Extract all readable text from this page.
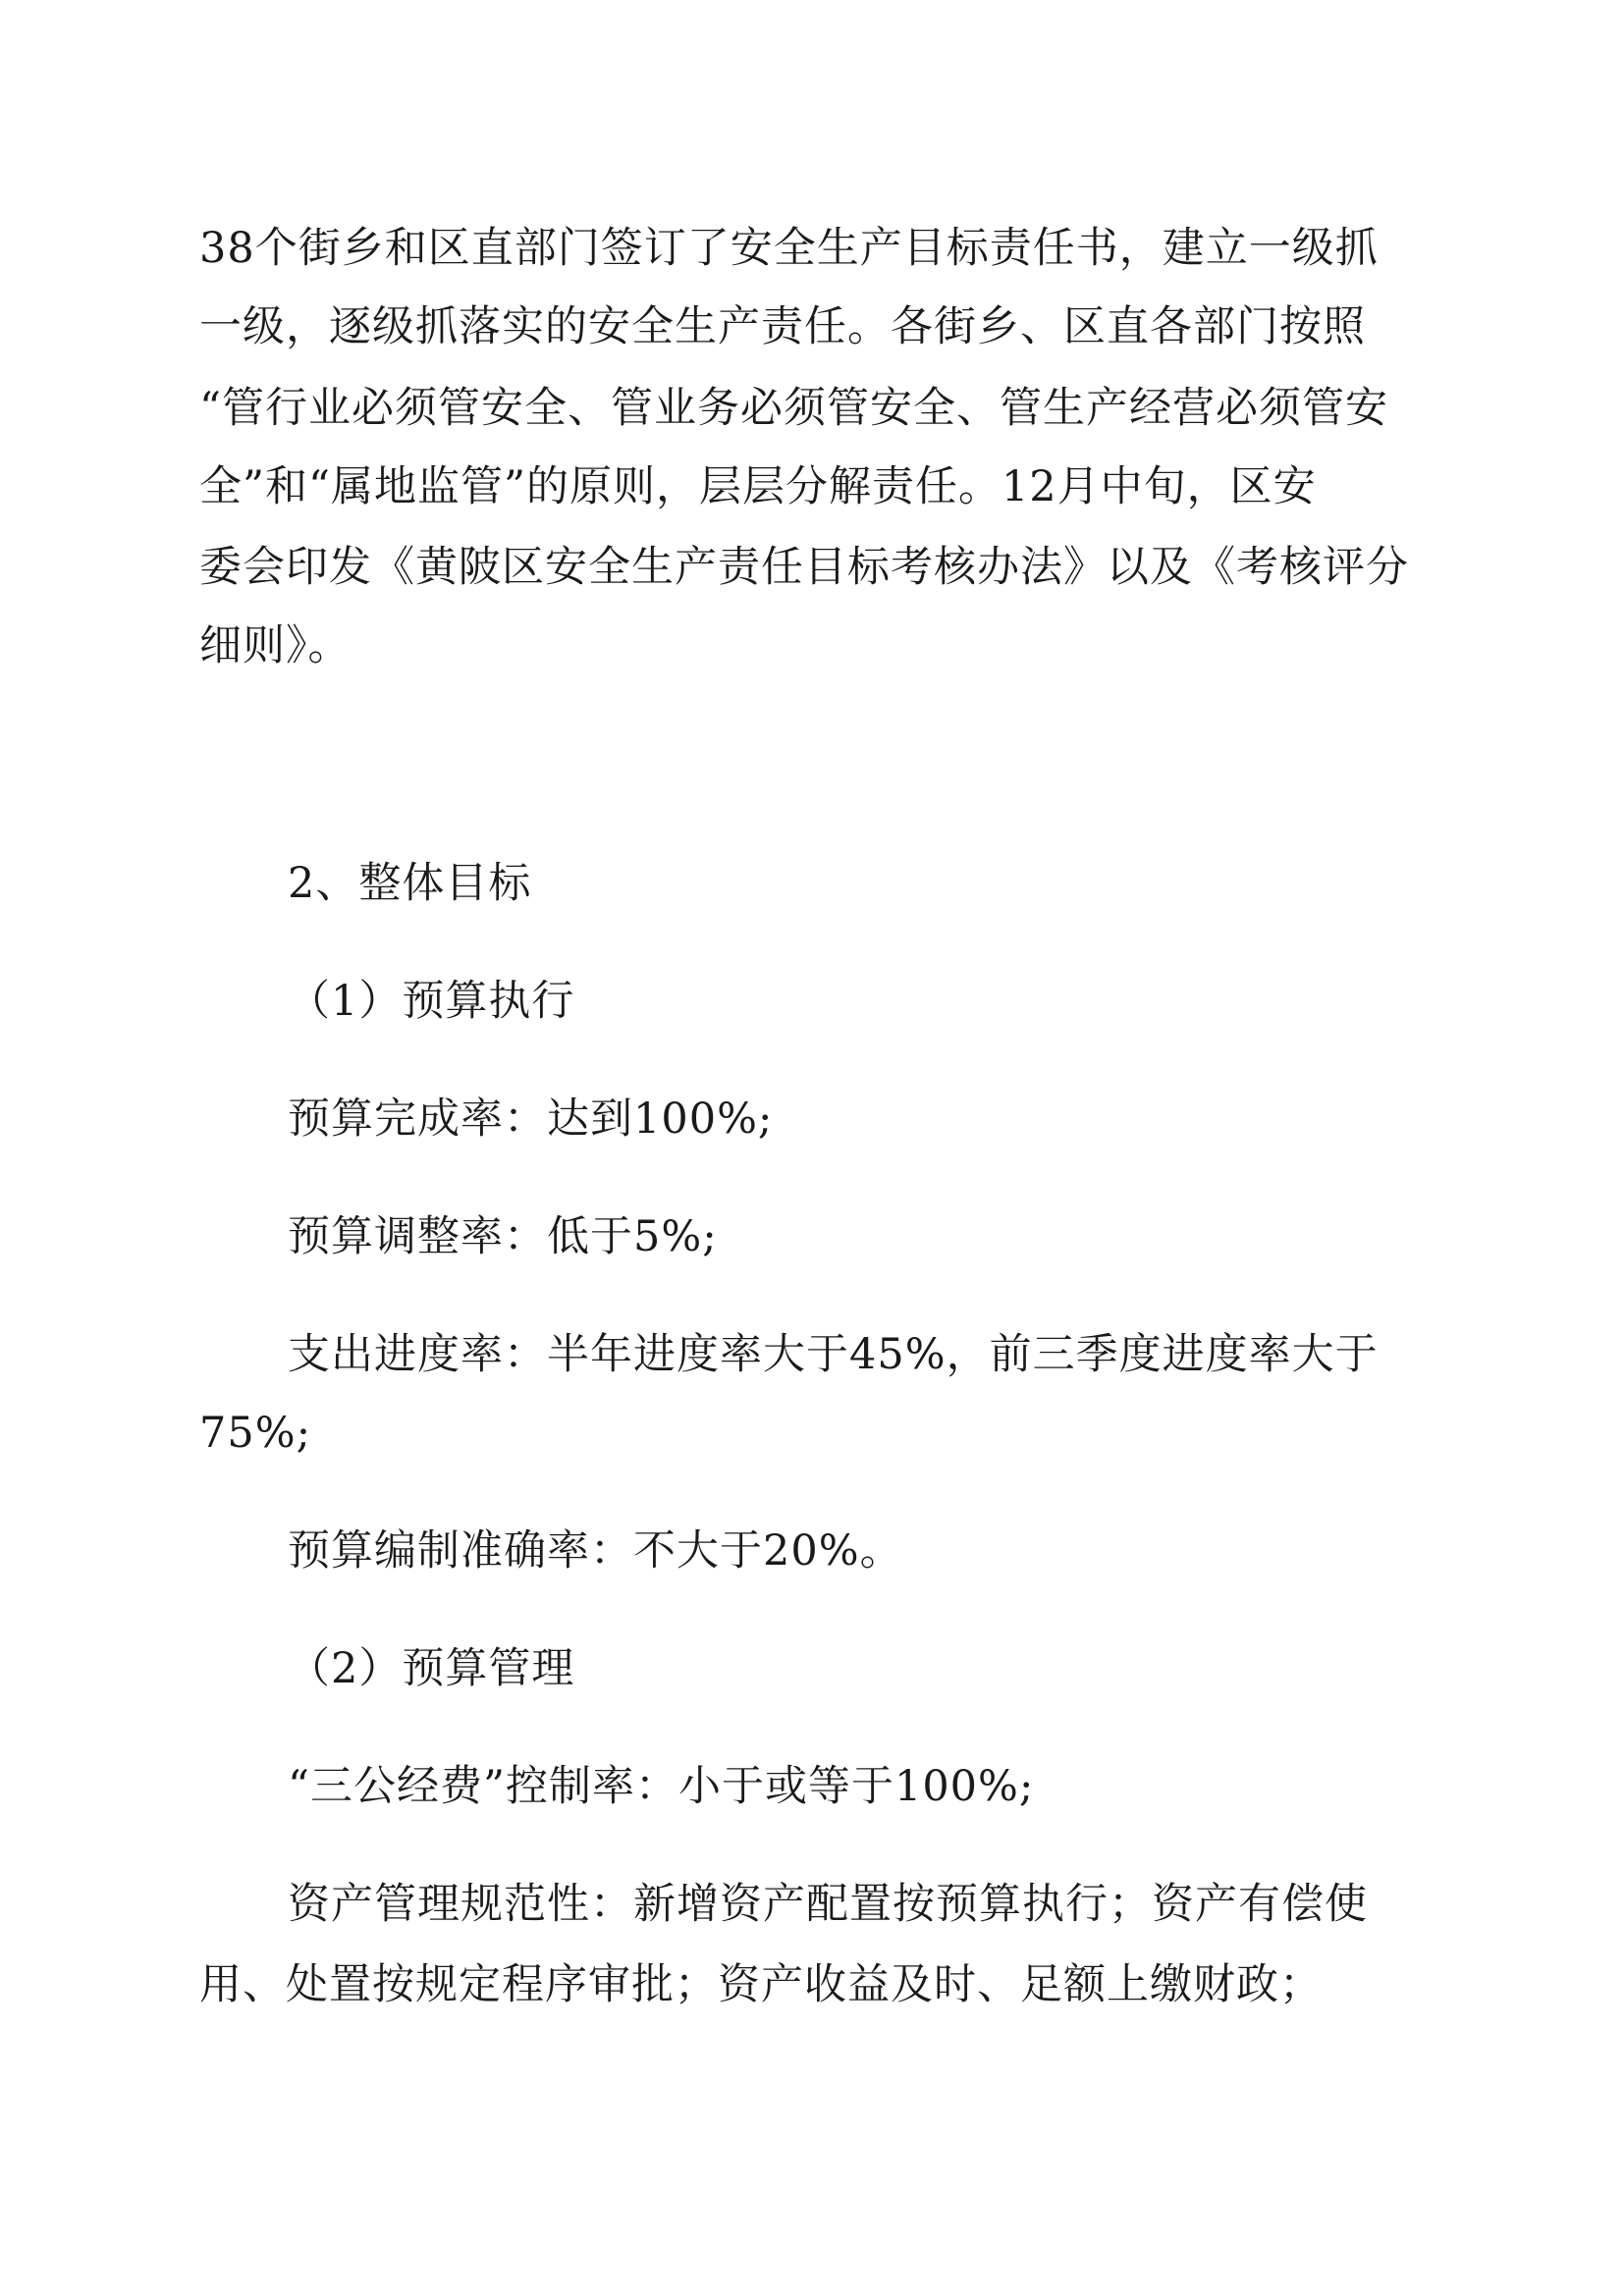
38个街乡和区直部门签订了安全生产目标责任书，建立一级抓
一级，逐级抓落实的安全生产责任。各街乡、区直各部门按照
“管行业必须管安全、管业务必须管安全、管生产经营必须管安
全”和“属地监管”的原则，层层分解责任。12月中旬，区安
委会印发《黄陂区安全生产责任目标考核办法》以及《考核评分
细则》。
2、整体目标
（1）预算执行
预算完成率：达到100%;
预算调整率：低于5%;
支出进度率：半年进度率大于45%，前三季度进度率大于
75%;
预算编制准确率：不大于20%。
（2）预算管理
“三公经费”控制率：小于或等于100%;
资产管理规范性：新增资产配置按预算执行；资产有偿使
用、处置按规定程序审批；资产收益及时、足额上缴财政；
